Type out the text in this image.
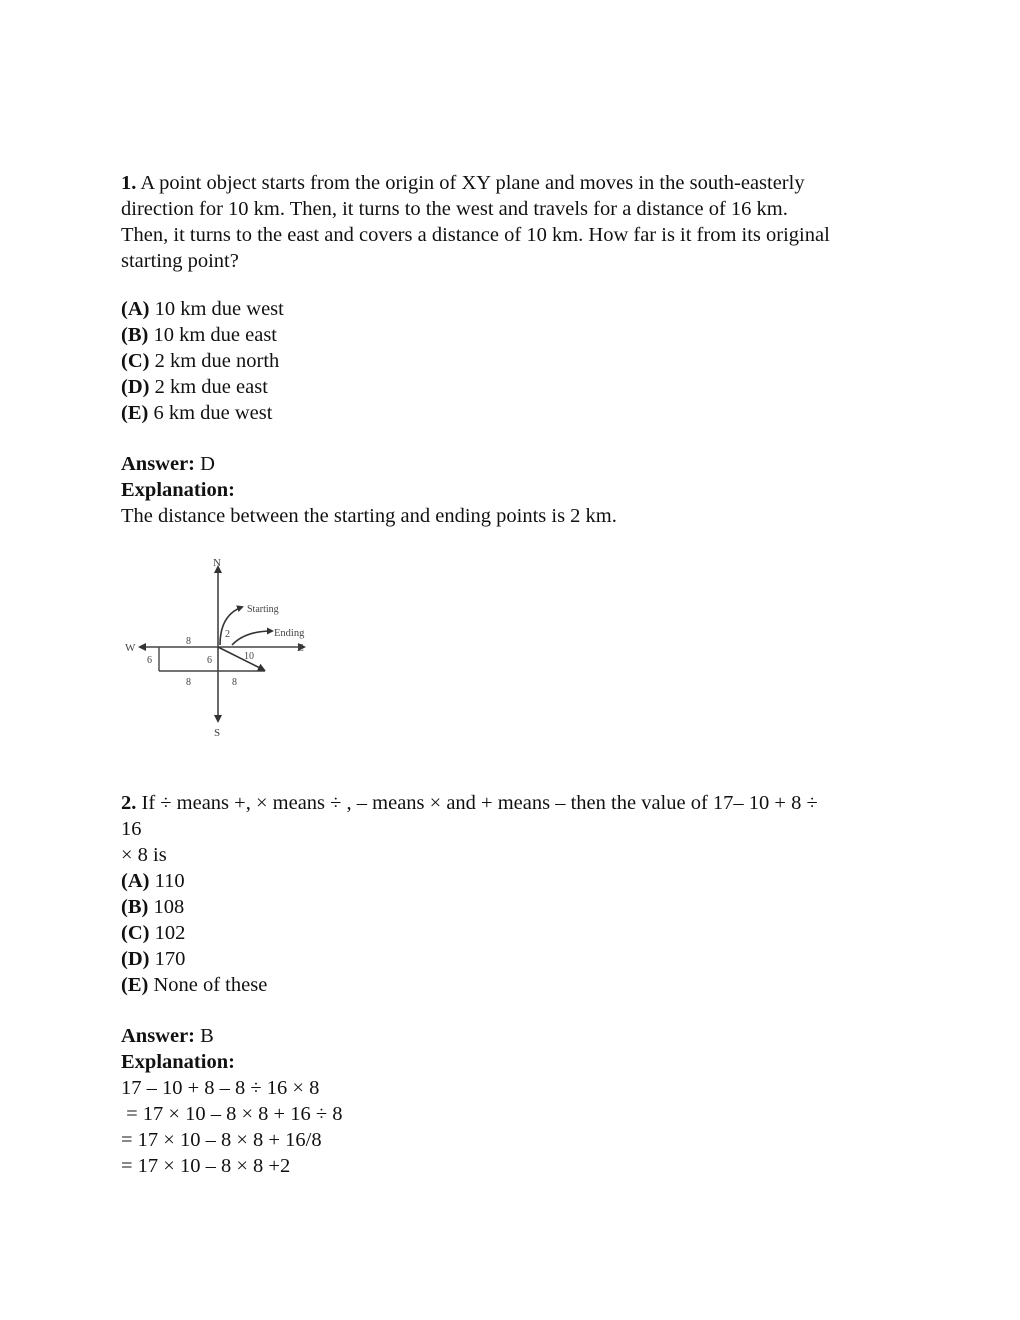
1. A point object starts from the origin of XY plane and moves in the south-easterly
direction for 10 km. Then, it turns to the west and travels for a distance of 16 km.
Then, it turns to the east and covers a distance of 10 km. How far is it from its original
starting point?
(A) 10 km due west
(B) 10 km due east
(C) 2 km due north
(D) 2 km due east
(E) 6 km due west
Answer: D
Explanation:
The distance between the starting and ending points is 2 km.
N
S
W	E
Starting
Ending
2
10
8
8	8
6	6
2. If ÷ means +, × means ÷ , – means × and + means – then the value of 17– 10 + 8 ÷
16
× 8 is
(A) 110
(B) 108
(C) 102
(D) 170
(E) None of these
Answer: B
Explanation:
17 – 10 + 8 – 8 ÷ 16 × 8
= 17 × 10 – 8 × 8 + 16 ÷ 8
= 17 × 10 – 8 × 8 + 16/8
= 17 × 10 – 8 × 8 +2
